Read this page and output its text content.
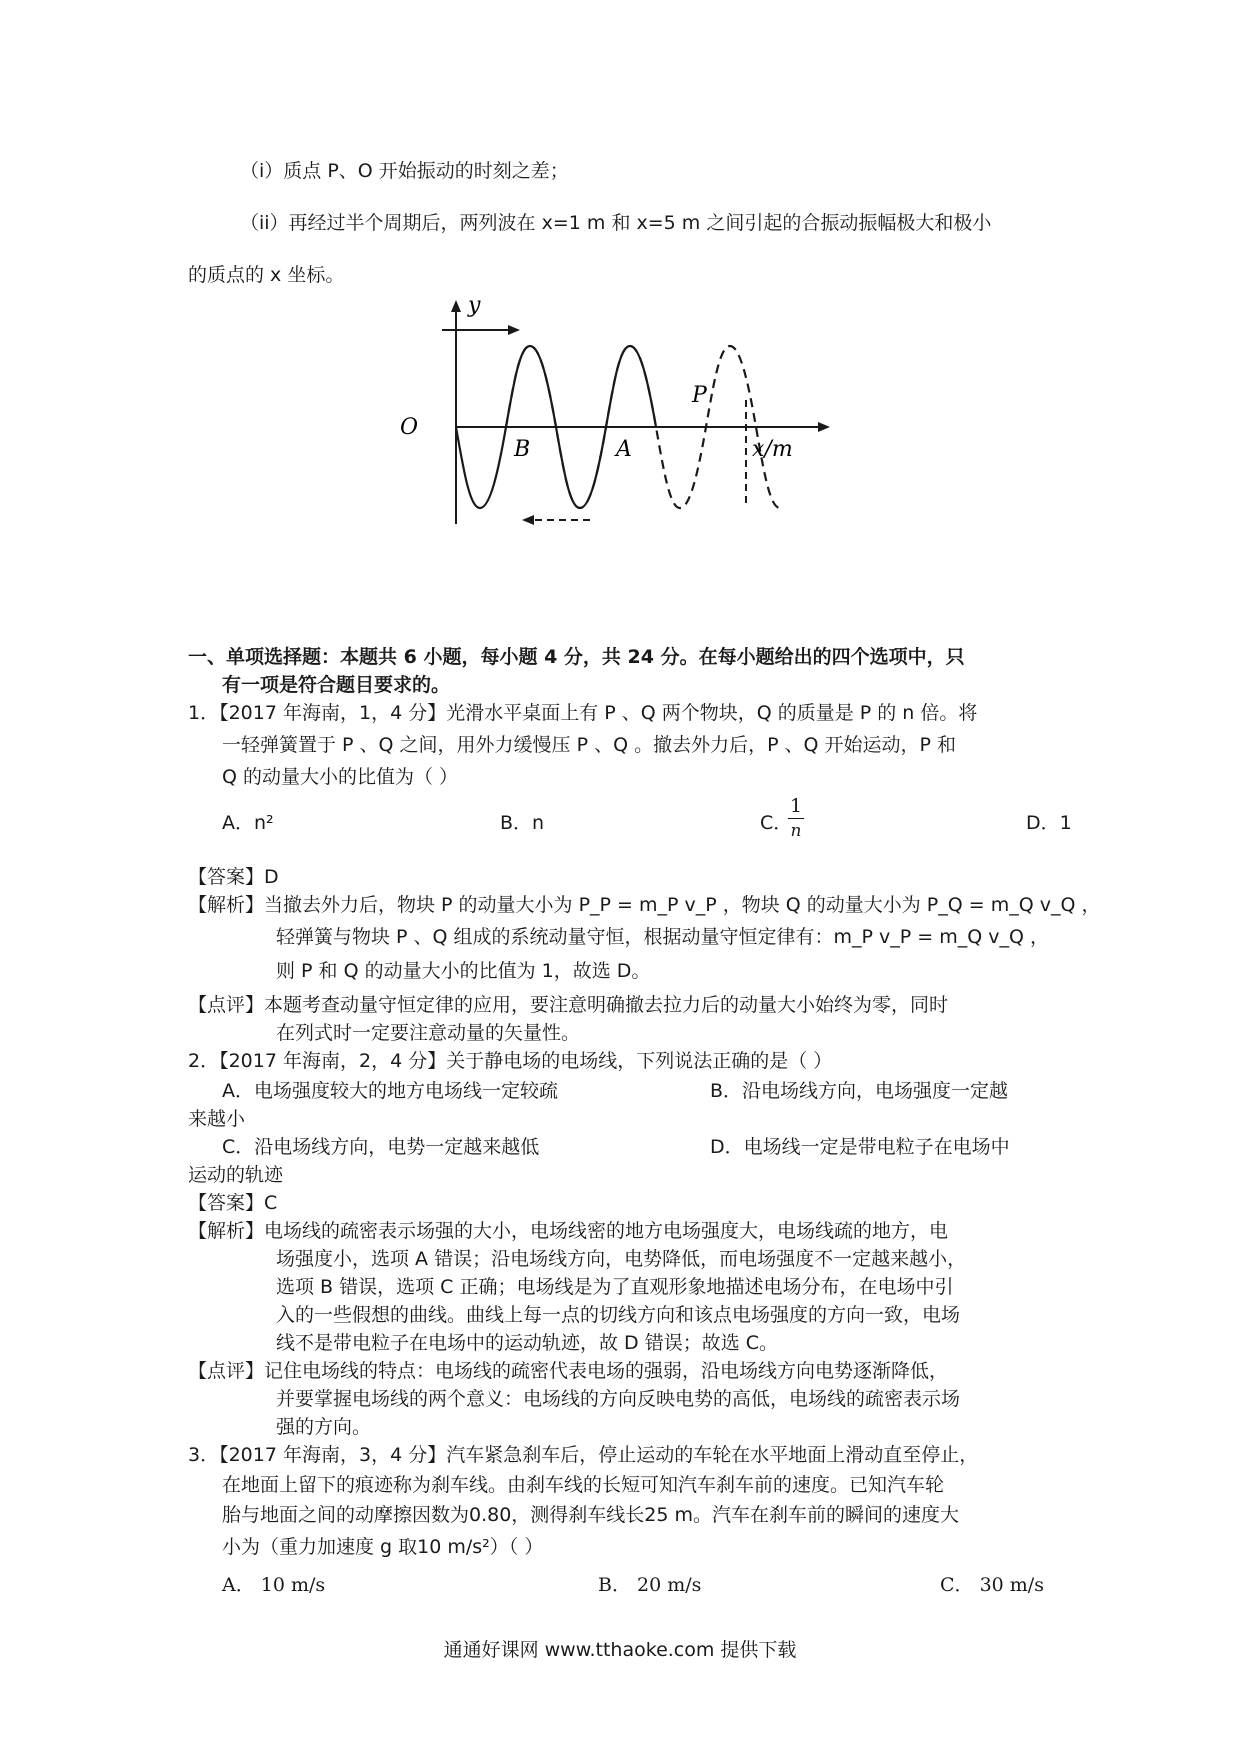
（i）质点 P、O 开始振动的时刻之差；
（ii）再经过半个周期后，两列波在 x=1 m 和 x=5 m 之间引起的合振动振幅极大和极小
的质点的 x 坐标。
y
O
B	A
P
x/m
一、单项选择题：本题共 6 小题，每小题 4 分，共 24 分。在每小题给出的四个选项中，只
有一项是符合题目要求的。
1．【2017 年海南，1，4 分】光滑水平桌面上有 P 、Q 两个物块，Q 的质量是 P 的 n 倍。将
一轻弹簧置于 P 、Q 之间，用外力缓慢压 P 、Q 。撤去外力后，P 、Q 开始运动，P 和
Q 的动量大小的比值为（ ）
A．n²	B．n	C．
1
n	D．1
【答案】D
【解析】当撤去外力后，物块 P 的动量大小为 P_P = m_P v_P ，物块 Q 的动量大小为 P_Q = m_Q v_Q ，
轻弹簧与物块 P 、Q 组成的系统动量守恒，根据动量守恒定律有：m_P v_P = m_Q v_Q ，
则 P 和 Q 的动量大小的比值为 1，故选 D。
【点评】本题考查动量守恒定律的应用，要注意明确撤去拉力后的动量大小始终为零，同时
在列式时一定要注意动量的矢量性。
2．【2017 年海南，2，4 分】关于静电场的电场线，下列说法正确的是（ ）
A．电场强度较大的地方电场线一定较疏	B．沿电场线方向，电场强度一定越
来越小
C．沿电场线方向，电势一定越来越低	D．电场线一定是带电粒子在电场中
运动的轨迹
【答案】C
【解析】电场线的疏密表示场强的大小，电场线密的地方电场强度大，电场线疏的地方，电
场强度小，选项 A 错误；沿电场线方向，电势降低，而电场强度不一定越来越小，
选项 B 错误，选项 C 正确；电场线是为了直观形象地描述电场分布，在电场中引
入的一些假想的曲线。曲线上每一点的切线方向和该点电场强度的方向一致，电场
线不是带电粒子在电场中的运动轨迹，故 D 错误；故选 C。
【点评】记住电场线的特点：电场线的疏密代表电场的强弱，沿电场线方向电势逐渐降低，
并要掌握电场线的两个意义：电场线的方向反映电势的高低，电场线的疏密表示场
强的方向。
3．【2017 年海南，3，4 分】汽车紧急刹车后，停止运动的车轮在水平地面上滑动直至停止，
在地面上留下的痕迹称为刹车线。由刹车线的长短可知汽车刹车前的速度。已知汽车轮
胎与地面之间的动摩擦因数为0.80，测得刹车线长25 m。汽车在刹车前的瞬间的速度大
小为（重力加速度 g 取10 m/s²）（ ）
A． 10 m/s	B． 20 m/s	C． 30 m/s
通通好课网 www.tthaoke.com 提供下载
